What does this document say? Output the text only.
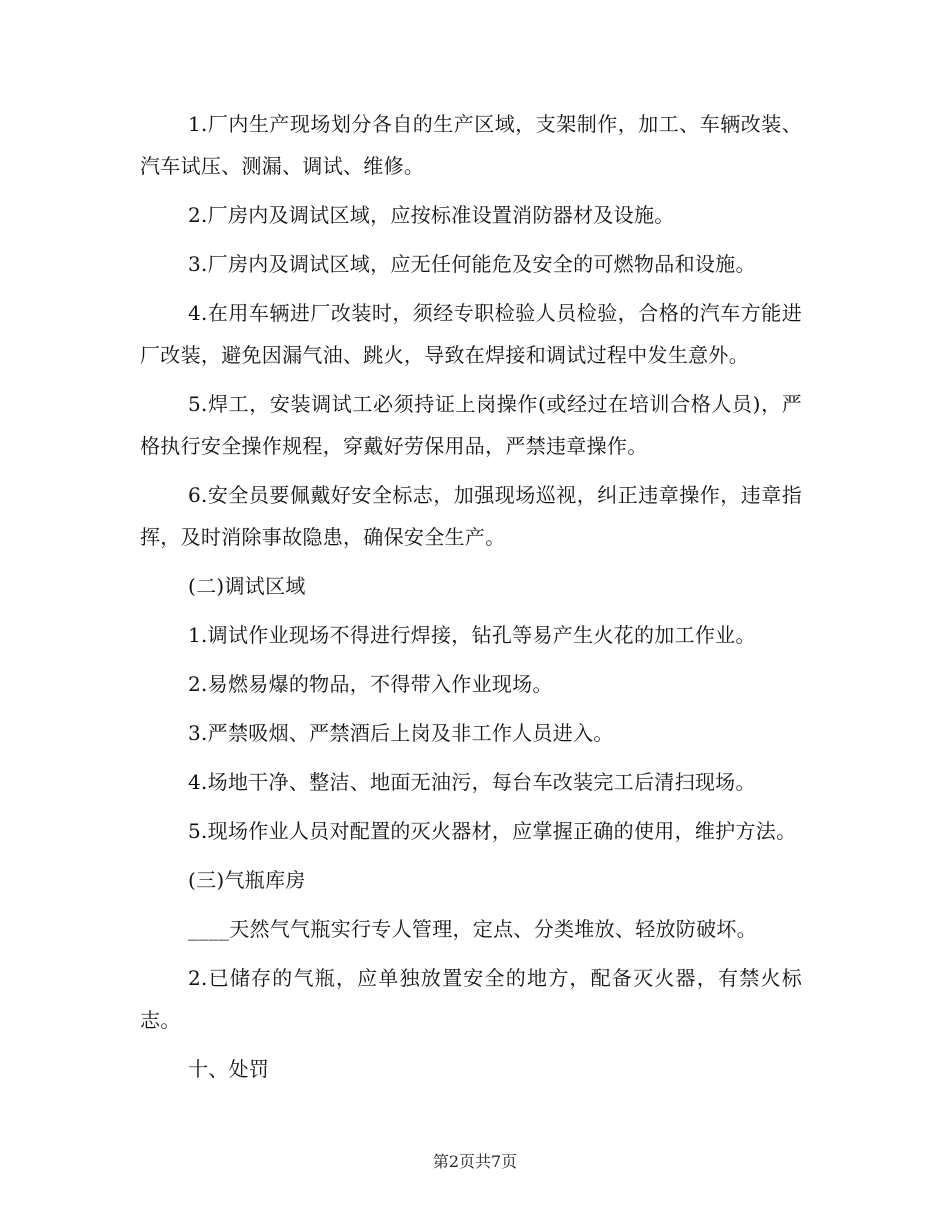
1.厂内生产现场划分各自的生产区域，支架制作，加工、车辆改装、汽车试压、测漏、调试、维修。

2.厂房内及调试区域，应按标准设置消防器材及设施。

3.厂房内及调试区域，应无任何能危及安全的可燃物品和设施。

4.在用车辆进厂改装时，须经专职检验人员检验，合格的汽车方能进厂改装，避免因漏气油、跳火，导致在焊接和调试过程中发生意外。

5.焊工，安装调试工必须持证上岗操作(或经过在培训合格人员)，严格执行安全操作规程，穿戴好劳保用品，严禁违章操作。

6.安全员要佩戴好安全标志，加强现场巡视，纠正违章操作，违章指挥，及时消除事故隐患，确保安全生产。

(二)调试区域

1.调试作业现场不得进行焊接，钻孔等易产生火花的加工作业。

2.易燃易爆的物品，不得带入作业现场。

3.严禁吸烟、严禁酒后上岗及非工作人员进入。

4.场地干净、整洁、地面无油污，每台车改装完工后清扫现场。

5.现场作业人员对配置的灭火器材，应掌握正确的使用，维护方法。

(三)气瓶库房

____天然气气瓶实行专人管理，定点、分类堆放、轻放防破坏。

2.已储存的气瓶，应单独放置安全的地方，配备灭火器，有禁火标志。

十、处罚

第2页共7页
